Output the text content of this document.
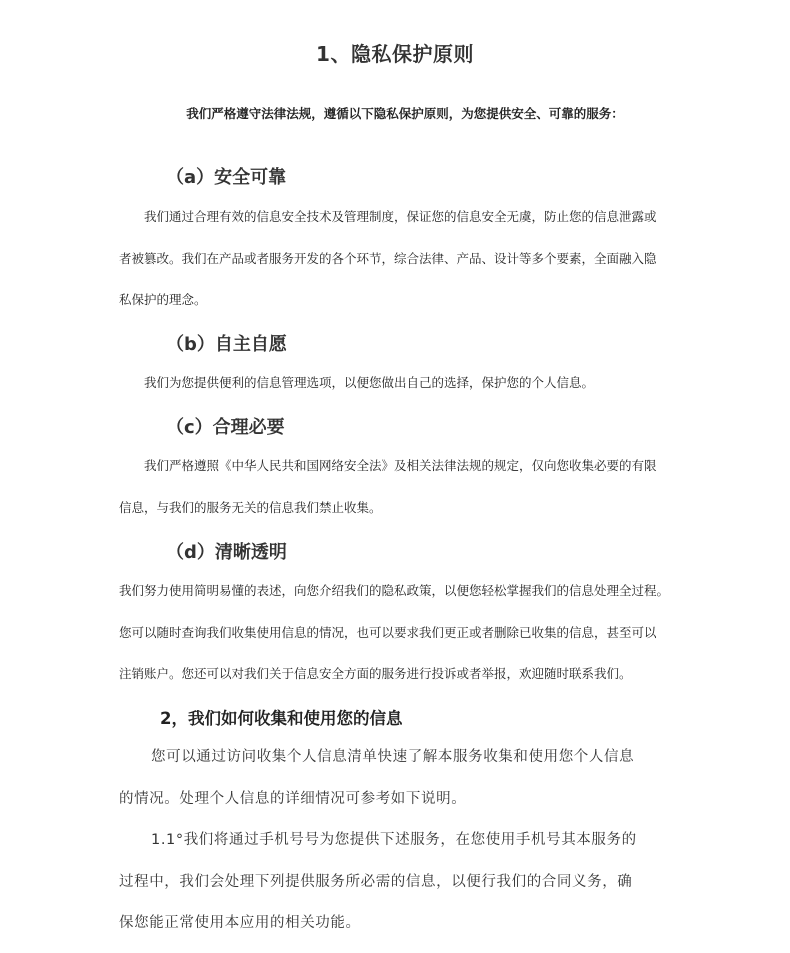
1、隐私保护原则
我们严格遵守法律法规，遵循以下隐私保护原则，为您提供安全、可靠的服务：
（a）安全可靠
我们通过合理有效的信息安全技术及管理制度，保证您的信息安全无虞，防止您的信息泄露或
者被篡改。我们在产品或者服务开发的各个环节，综合法律、产品、设计等多个要素，全面融入隐
私保护的理念。
（b）自主自愿
我们为您提供便利的信息管理选项，以便您做出自己的选择，保护您的个人信息。
（c）合理必要
我们严格遵照《中华人民共和国网络安全法》及相关法律法规的规定，仅向您收集必要的有限
信息，与我们的服务无关的信息我们禁止收集。
（d）清晰透明
我们努力使用简明易懂的表述，向您介绍我们的隐私政策，以便您轻松掌握我们的信息处理全过程。
您可以随时查询我们收集使用信息的情况，也可以要求我们更正或者删除已收集的信息，甚至可以
注销账户。您还可以对我们关于信息安全方面的服务进行投诉或者举报，欢迎随时联系我们。
2，我们如何收集和使用您的信息
您可以通过访问收集个人信息清单快速了解本服务收集和使用您个人信息
的情况。处理个人信息的详细情况可参考如下说明。
1.1°我们将通过手机号号为您提供下述服务，在您使用手机号其本服务的
过程中，我们会处理下列提供服务所必需的信息，以便行我们的合同义务，确
保您能正常使用本应用的相关功能。
